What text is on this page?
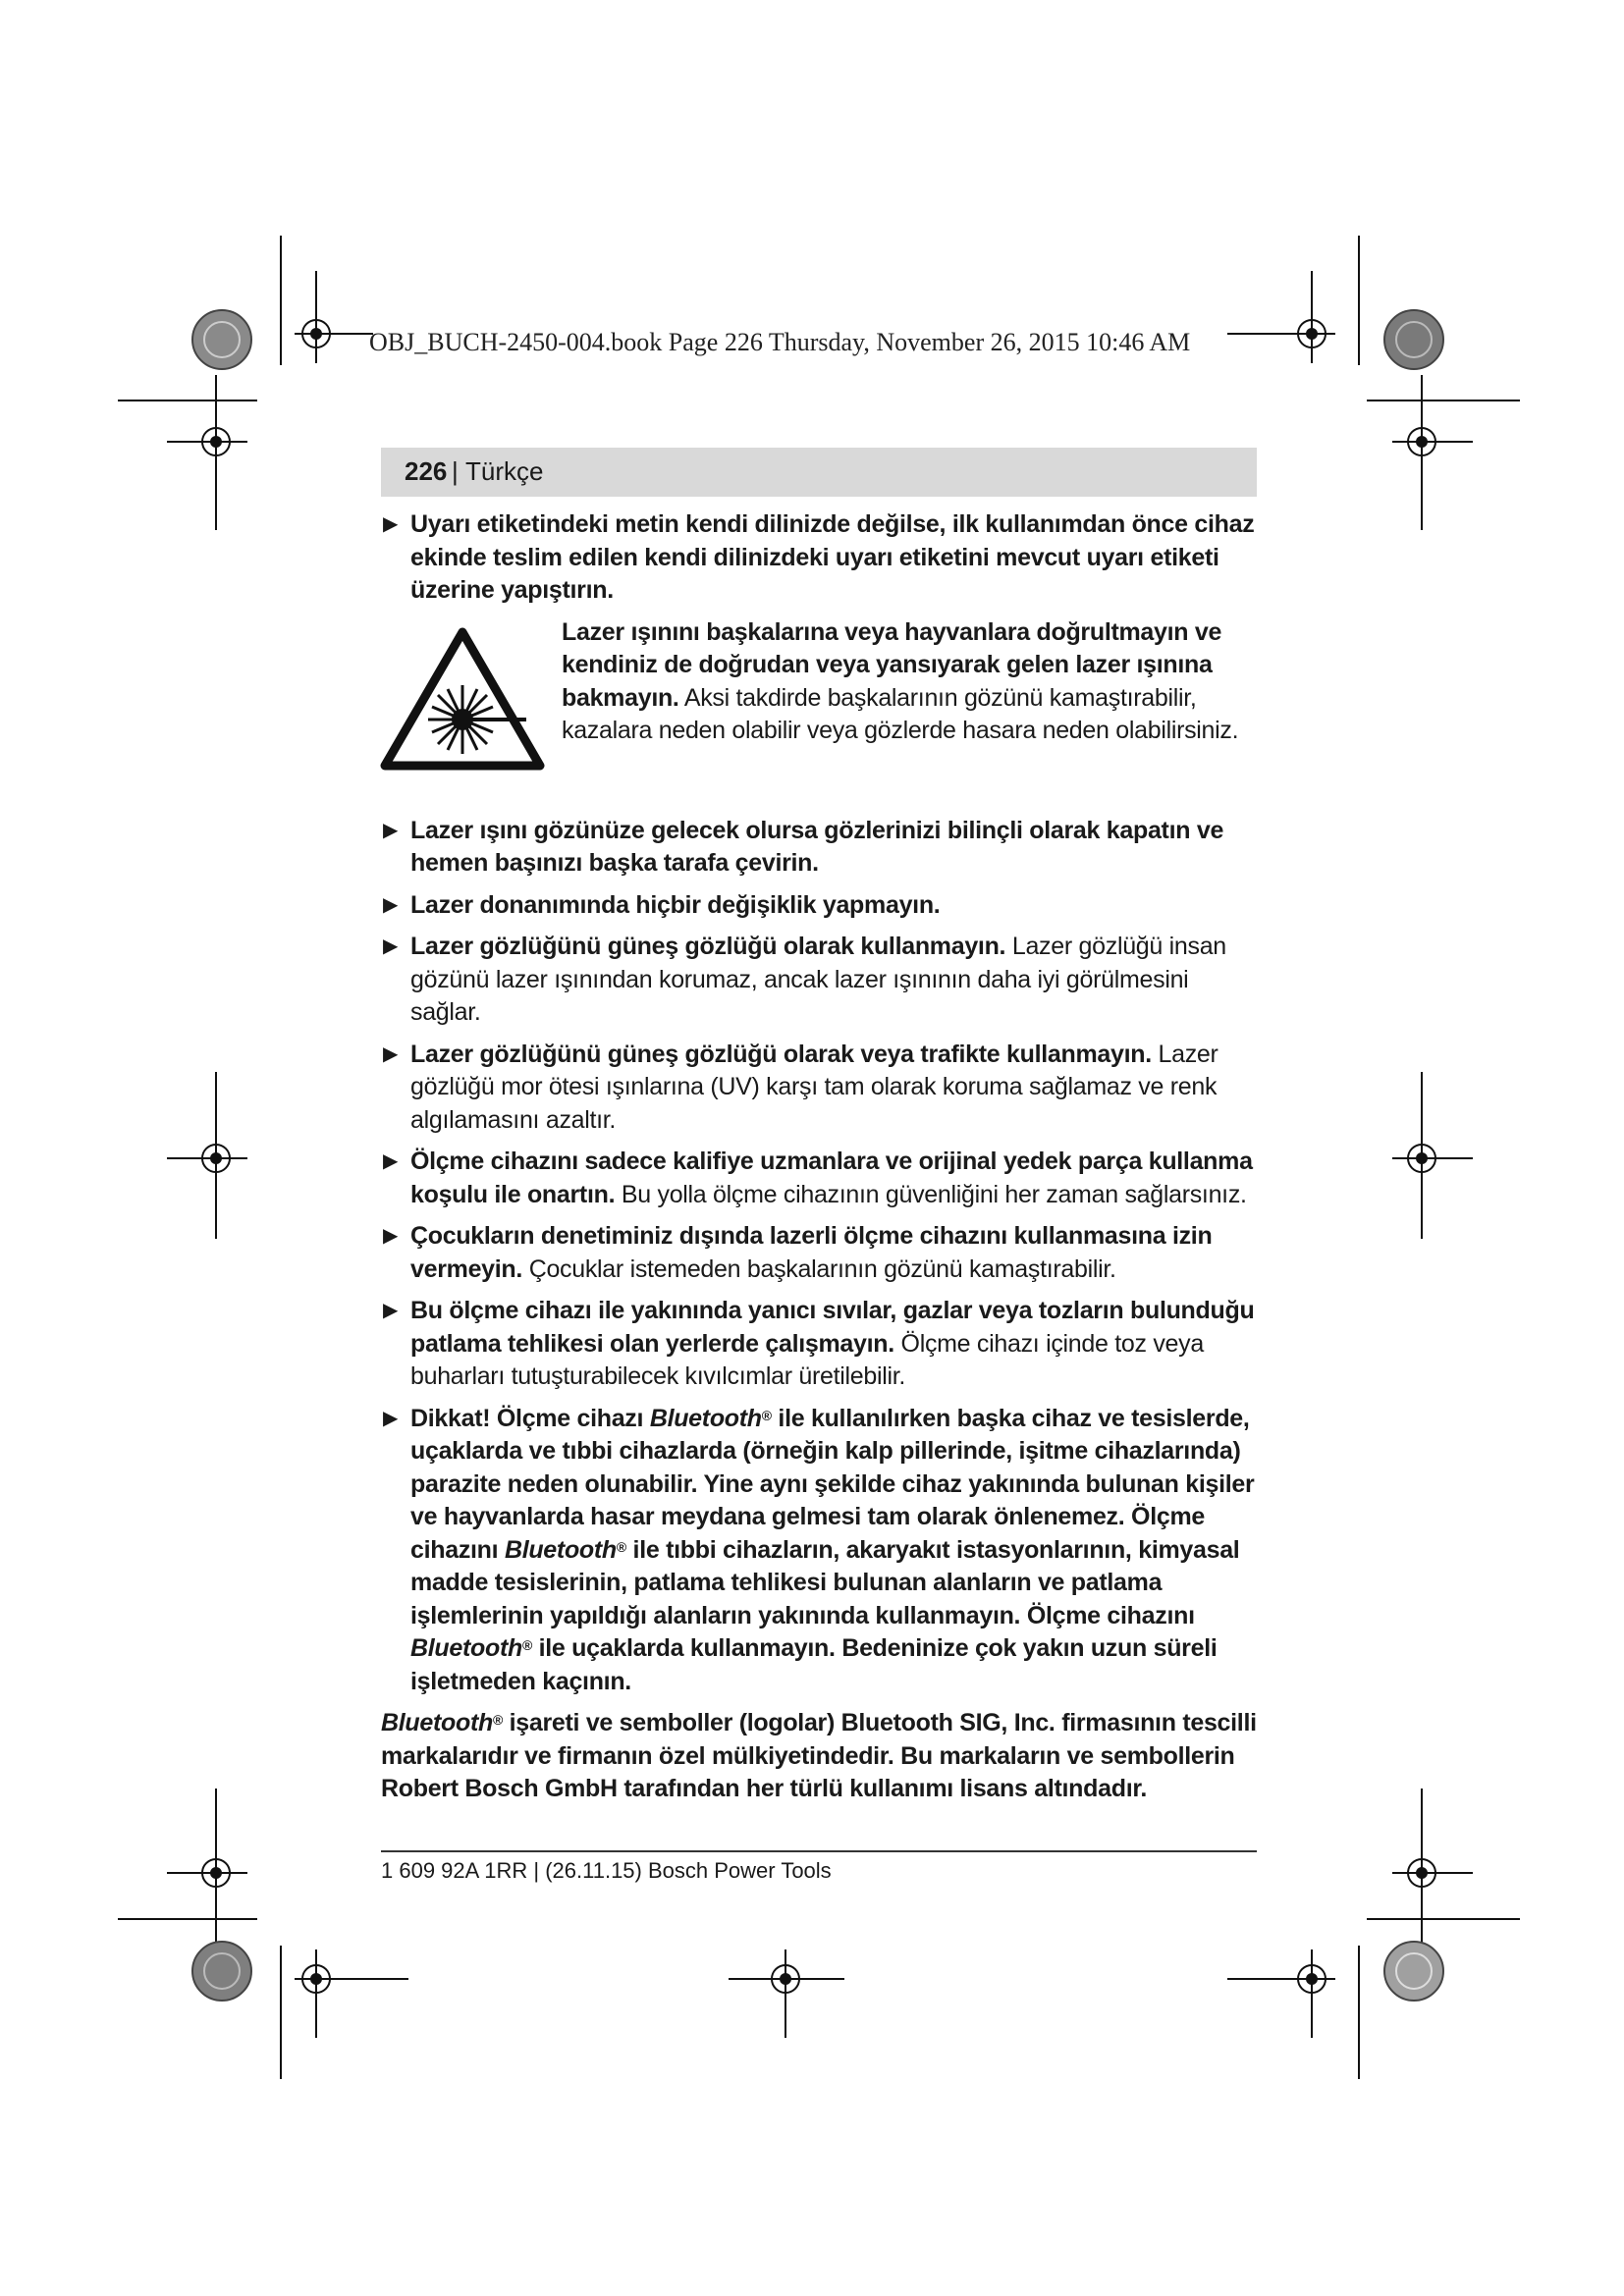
OBJ_BUCH-2450-004.book Page 226 Thursday, November 26, 2015 10:46 AM
226 | Türkçe
▶ Uyarı etiketindeki metin kendi dilinizde değilse, ilk kullanımdan önce cihaz ekinde teslim edilen kendi dilinizdeki uyarı etiketini mevcut uyarı etiketi üzerine yapıştırın.
Lazer ışınını başkalarına veya hayvanlara doğrultmayın ve kendiniz de doğrudan veya yansıyarak gelen lazer ışınına bakmayın. Aksi takdirde başkalarının gözünü kamaştırabilir, kazalara neden olabilir veya gözlerde hasara neden olabilirsiniz.
▶ Lazer ışını gözünüze gelecek olursa gözlerinizi bilinçli olarak kapatın ve hemen başınızı başka tarafa çevirin.
▶ Lazer donanımında hiçbir değişiklik yapmayın.
▶ Lazer gözlüğünü güneş gözlüğü olarak kullanmayın. Lazer gözlüğü insan gözünü lazer ışınından korumaz, ancak lazer ışınının daha iyi görülmesini sağlar.
▶ Lazer gözlüğünü güneş gözlüğü olarak veya trafikte kullanmayın. Lazer gözlüğü mor ötesi ışınlarına (UV) karşı tam olarak koruma sağlamaz ve renk algılamasını azaltır.
▶ Ölçme cihazını sadece kalifiye uzmanlara ve orijinal yedek parça kullanma koşulu ile onartın. Bu yolla ölçme cihazının güvenliğini her zaman sağlarsınız.
▶ Çocukların denetiminiz dışında lazerli ölçme cihazını kullanmasına izin vermeyin. Çocuklar istemeden başkalarının gözünü kamaştırabilir.
▶ Bu ölçme cihazı ile yakınında yanıcı sıvılar, gazlar veya tozların bulunduğu patlama tehlikesi olan yerlerde çalışmayın. Ölçme cihazı içinde toz veya buharları tutuşturabilecek kıvılcımlar üretilebilir.
▶ Dikkat! Ölçme cihazı Bluetooth® ile kullanılırken başka cihaz ve tesislerde, uçaklarda ve tıbbi cihazlarda (örneğin kalp pillerinde, işitme cihazlarında) parazite neden olunabilir. Yine aynı şekilde cihaz yakınında bulunan kişiler ve hayvanlarda hasar meydana gelmesi tam olarak önlenemez. Ölçme cihazını Bluetooth® ile tıbbi cihazların, akaryakıt istasyonlarının, kimyasal madde tesislerinin, patlama tehlikesi bulunan alanların ve patlama işlemlerinin yapıldığı alanların yakınında kullanmayın. Ölçme cihazını Bluetooth® ile uçaklarda kullanmayın. Bedeninize çok yakın uzun süreli işletmeden kaçının.
Bluetooth® işareti ve semboller (logolar) Bluetooth SIG, Inc. firmasının tescilli markalarıdır ve firmanın özel mülkiyetindedir. Bu markaların ve sembollerin Robert Bosch GmbH tarafından her türlü kullanımı lisans altındadır.
1 609 92A 1RR | (26.11.15) Bosch Power Tools
